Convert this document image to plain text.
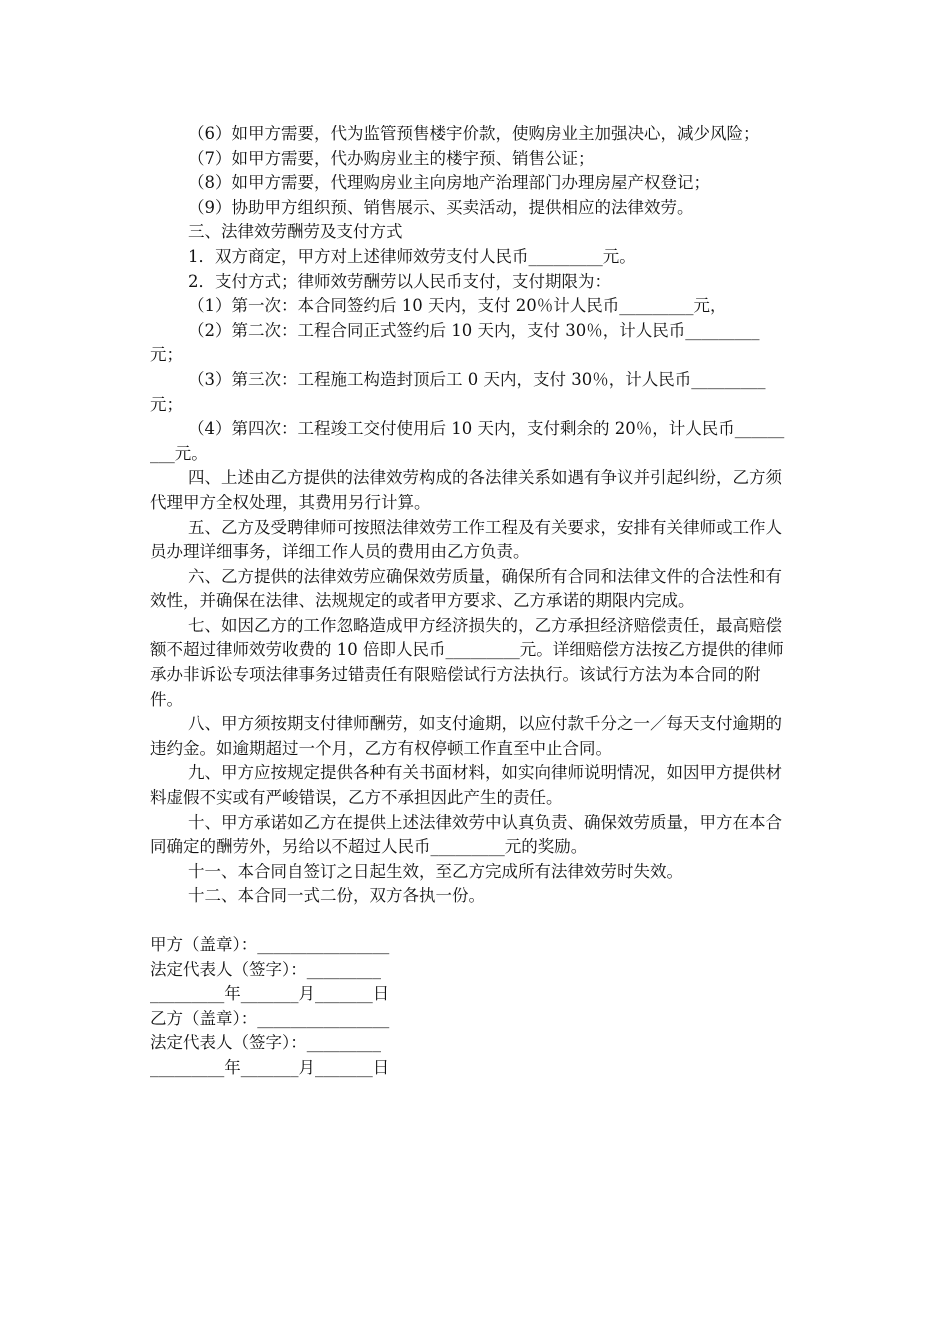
（6）如甲方需要，代为监管预售楼宇价款，使购房业主加强决心，减少风险；

（7）如甲方需要，代办购房业主的楼宇预、销售公证；

（8）如甲方需要，代理购房业主向房地产治理部门办理房屋产权登记；

（9）协助甲方组织预、销售展示、买卖活动，提供相应的法律效劳。

三、法律效劳酬劳及支付方式

1．双方商定，甲方对上述律师效劳支付人民币_________元。

2．支付方式；律师效劳酬劳以人民币支付，支付期限为：

（1）第一次：本合同签约后 10 天内，支付 20％计人民币_________元，

（2）第二次：工程合同正式签约后 10 天内，支付 30％，计人民币_________元；

（3）第三次：工程施工构造封顶后工 0 天内，支付 30％，计人民币_________元；

（4）第四次：工程竣工交付使用后 10 天内，支付剩余的 20％，计人民币_________元。

四、上述由乙方提供的法律效劳构成的各法律关系如遇有争议并引起纠纷，乙方须代理甲方全权处理，其费用另行计算。

五、乙方及受聘律师可按照法律效劳工作工程及有关要求，安排有关律师或工作人员办理详细事务，详细工作人员的费用由乙方负责。

六、乙方提供的法律效劳应确保效劳质量，确保所有合同和法律文件的合法性和有效性，并确保在法律、法规规定的或者甲方要求、乙方承诺的期限内完成。

七、如因乙方的工作忽略造成甲方经济损失的，乙方承担经济赔偿责任，最高赔偿额不超过律师效劳收费的 10 倍即人民币_________元。详细赔偿方法按乙方提供的律师承办非诉讼专项法律事务过错责任有限赔偿试行方法执行。该试行方法为本合同的附件。

八、甲方须按期支付律师酬劳，如支付逾期，以应付款千分之一／每天支付逾期的违约金。如逾期超过一个月，乙方有权停顿工作直至中止合同。

九、甲方应按规定提供各种有关书面材料，如实向律师说明情况，如因甲方提供材料虚假不实或有严峻错误，乙方不承担因此产生的责任。

十、甲方承诺如乙方在提供上述法律效劳中认真负责、确保效劳质量，甲方在本合同确定的酬劳外，另给以不超过人民币_________元的奖励。

十一、本合同自签订之日起生效，至乙方完成所有法律效劳时失效。

十二、本合同一式二份，双方各执一份。

甲方（盖章）：________________

法定代表人（签字）：_________

_________年_______月_______日

乙方（盖章）：________________

法定代表人（签字）：_________

_________年_______月_______日
